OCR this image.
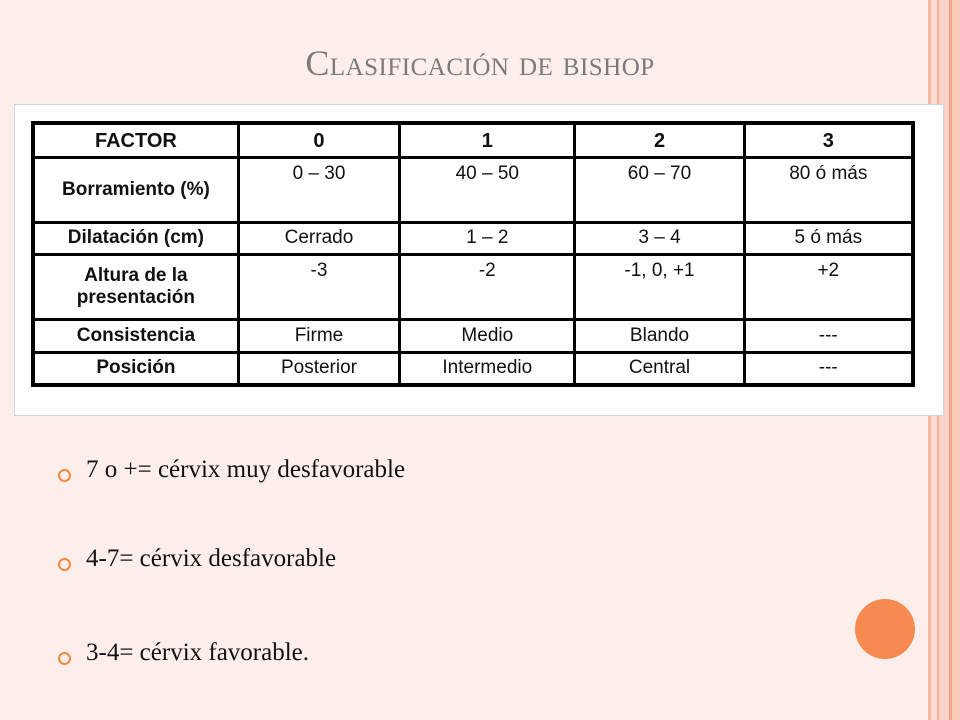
Clasificación de bishop
FACTOR	0	1	2	3
Borramiento (%)	0 – 30	40 – 50	60 – 70	80 ó más
Dilatación (cm)	Cerrado	1 – 2	3 – 4	5 ó más
Altura de la presentación	-3	-2	-1, 0, +1	+2
Consistencia	Firme	Medio	Blando	---
Posición	Posterior	Intermedio	Central	---
7 o += cérvix muy desfavorable
4-7= cérvix desfavorable
3-4= cérvix favorable.
